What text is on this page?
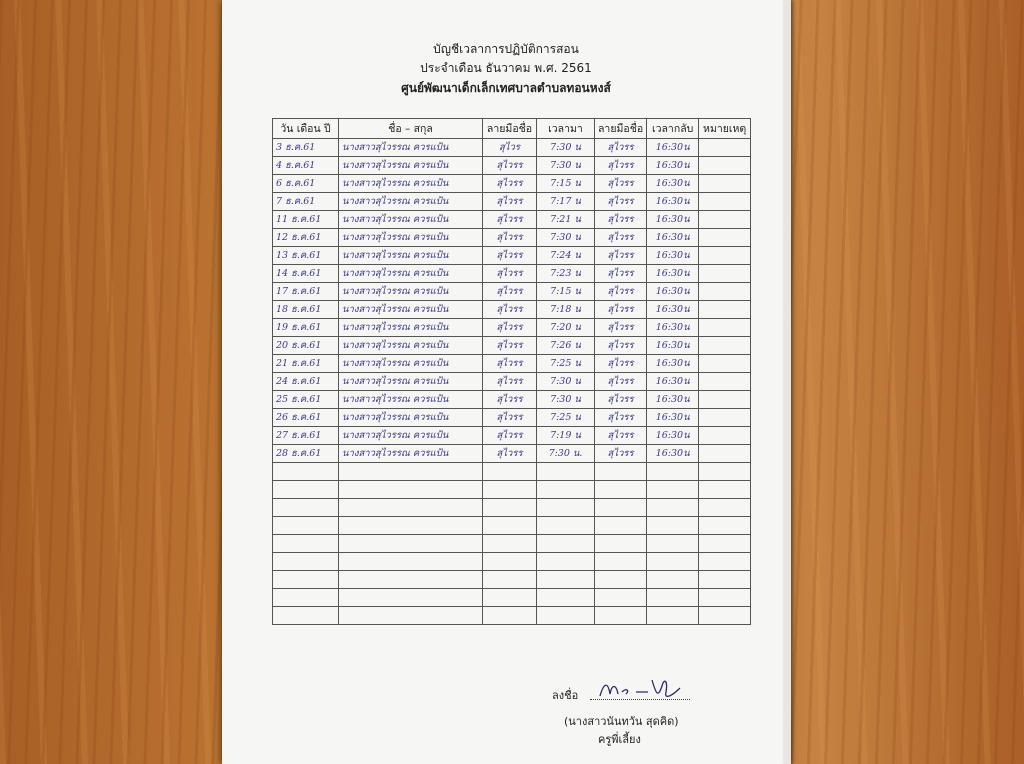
บัญชีเวลาการปฏิบัติการสอน
ประจำเดือน ธันวาคม พ.ศ. 2561
ศูนย์พัฒนาเด็กเล็กเทศบาลตำบลทอนหงส์
วัน เดือน ปี	ชื่อ – สกุล	ลายมือชื่อ	เวลามา	ลายมือชื่อ	เวลากลับ	หมายเหตุ
3 ธ.ค.61	นางสาวสุไวรรณ ควรแป้น	สุไวร	7:30 น	สุไวรร	16:30น	
4 ธ.ค.61	นางสาวสุไวรรณ ควรแป้น	สุไวรร	7:30 น	สุไวรร	16:30น	
6 ธ.ค.61	นางสาวสุไวรรณ ควรแป้น	สุไวรร	7:15 น	สุไวรร	16:30น	
7 ธ.ค.61	นางสาวสุไวรรณ ควรแป้น	สุไวรร	7:17 น	สุไวรร	16:30น	
11 ธ.ค.61	นางสาวสุไวรรณ ควรแป้น	สุไวรร	7:21 น	สุไวรร	16:30น	
12 ธ.ค.61	นางสาวสุไวรรณ ควรแป้น	สุไวรร	7:30 น	สุไวรร	16:30น	
13 ธ.ค.61	นางสาวสุไวรรณ ควรแป้น	สุไวรร	7:24 น	สุไวรร	16:30น	
14 ธ.ค.61	นางสาวสุไวรรณ ควรแป้น	สุไวรร	7:23 น	สุไวรร	16:30น	
17 ธ.ค.61	นางสาวสุไวรรณ ควรแป้น	สุไวรร	7:15 น	สุไวรร	16:30น	
18 ธ.ค.61	นางสาวสุไวรรณ ควรแป้น	สุไวรร	7:18 น	สุไวรร	16:30น	
19 ธ.ค.61	นางสาวสุไวรรณ ควรแป้น	สุไวรร	7:20 น	สุไวรร	16:30น	
20 ธ.ค.61	นางสาวสุไวรรณ ควรแป้น	สุไวรร	7:26 น	สุไวรร	16:30น	
21 ธ.ค.61	นางสาวสุไวรรณ ควรแป้น	สุไวรร	7:25 น	สุไวรร	16:30น	
24 ธ.ค.61	นางสาวสุไวรรณ ควรแป้น	สุไวรร	7:30 น	สุไวรร	16:30น	
25 ธ.ค.61	นางสาวสุไวรรณ ควรแป้น	สุไวรร	7:30 น	สุไวรร	16:30น	
26 ธ.ค.61	นางสาวสุไวรรณ ควรแป้น	สุไวรร	7:25 น	สุไวรร	16:30น	
27 ธ.ค.61	นางสาวสุไวรรณ ควรแป้น	สุไวรร	7:19 น	สุไวรร	16:30น	
28 ธ.ค.61	นางสาวสุไวรรณ ควรแป้น	สุไวรร	7:30 น.	สุไวรร	16:30น	

ลงชื่อ
(นางสาวนันทวัน สุดคิด)
ครูพี่เลี้ยง
